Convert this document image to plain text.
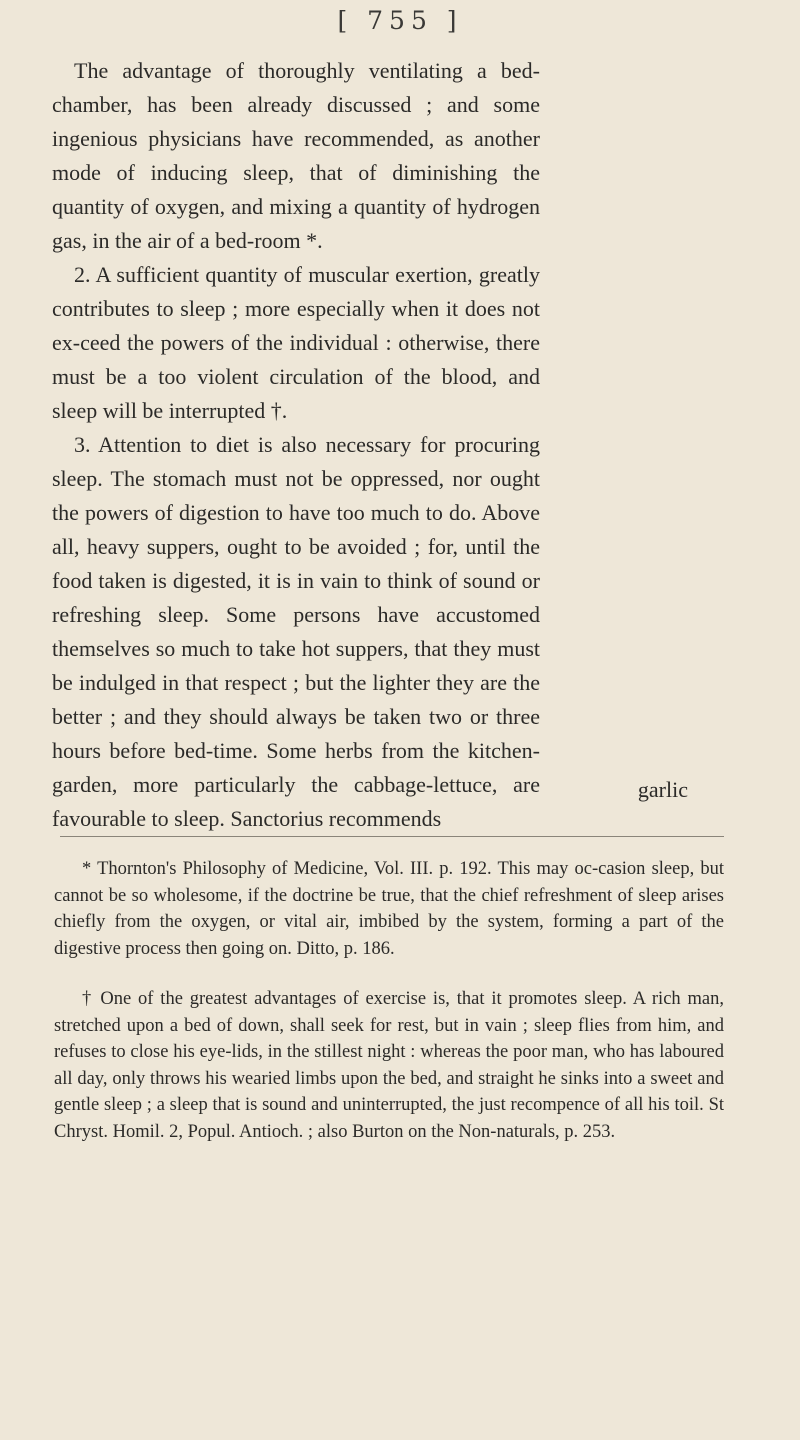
[ 755 ]

The advantage of thoroughly ventilating a bed-chamber, has been already discussed ; and some ingenious physicians have recommended, as another mode of inducing sleep, that of diminishing the quantity of oxygen, and mixing a quantity of hydrogen gas, in the air of a bed-room *.

2. A sufficient quantity of muscular exertion, greatly contributes to sleep ; more especially when it does not ex-ceed the powers of the individual : otherwise, there must be a too violent circulation of the blood, and sleep will be interrupted †.

3. Attention to diet is also necessary for procuring sleep. The stomach must not be oppressed, nor ought the powers of digestion to have too much to do. Above all, heavy suppers, ought to be avoided ; for, until the food taken is digested, it is in vain to think of sound or refreshing sleep. Some persons have accustomed themselves so much to take hot suppers, that they must be indulged in that respect ; but the lighter they are the better ; and they should always be taken two or three hours before bed-time. Some herbs from the kitchen-garden, more particularly the cabbage-lettuce, are favourable to sleep. Sanctorius recommends

garlic

* Thornton's Philosophy of Medicine, Vol. III. p. 192. This may oc-casion sleep, but cannot be so wholesome, if the doctrine be true, that the chief refreshment of sleep arises chiefly from the oxygen, or vital air, imbibed by the system, forming a part of the digestive process then going on. Ditto, p. 186.

† One of the greatest advantages of exercise is, that it promotes sleep. A rich man, stretched upon a bed of down, shall seek for rest, but in vain ; sleep flies from him, and refuses to close his eye-lids, in the stillest night : whereas the poor man, who has laboured all day, only throws his wearied limbs upon the bed, and straight he sinks into a sweet and gentle sleep ; a sleep that is sound and uninterrupted, the just recompence of all his toil. St Chryst. Homil. 2, Popul. Antioch. ; also Burton on the Non-naturals, p. 253.
